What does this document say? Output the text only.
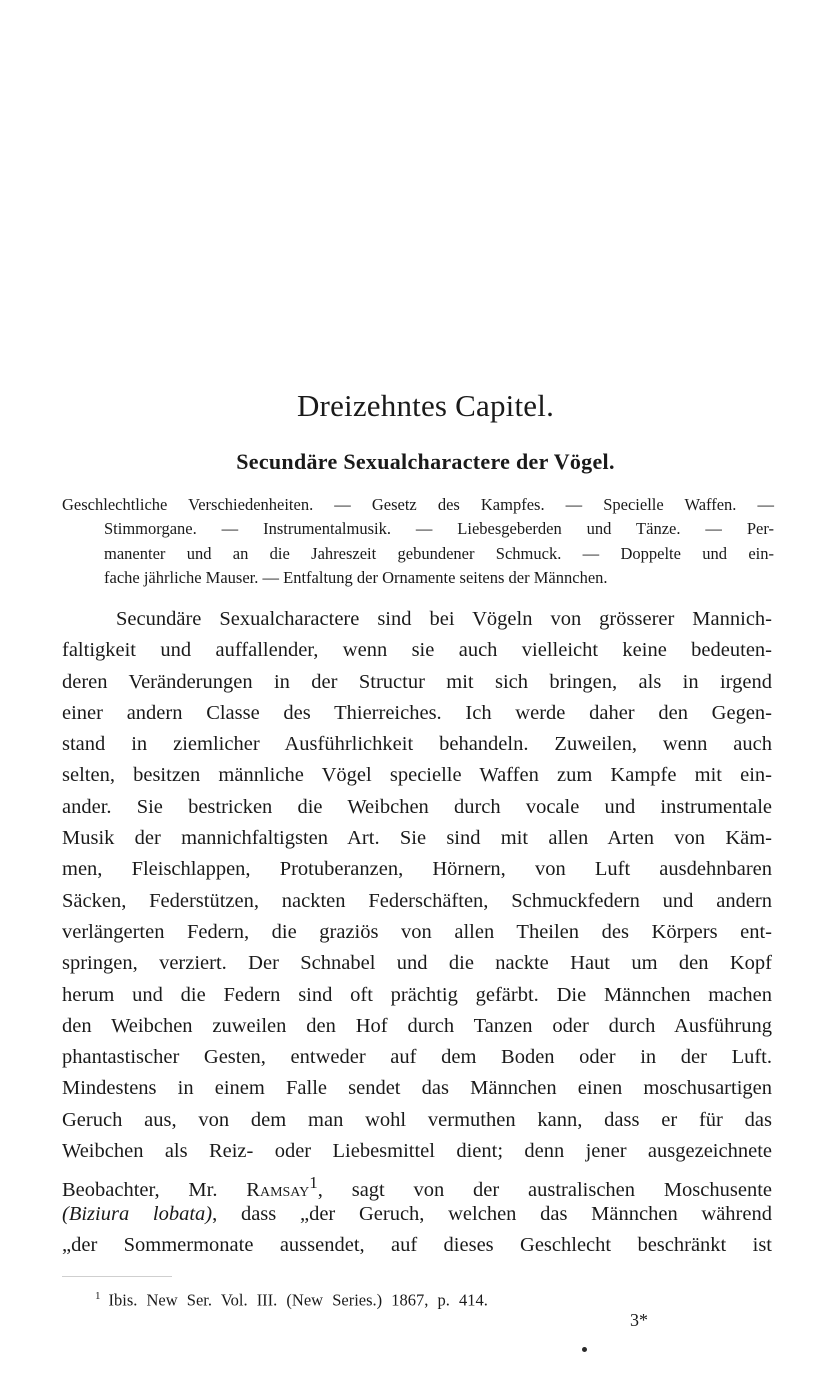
Dreizehntes Capitel.
Secundäre Sexualcharactere der Vögel.
Geschlechtliche Verschiedenheiten. — Gesetz des Kampfes. — Specielle Waffen. —
Stimmorgane. — Instrumentalmusik. — Liebesgeberden und Tänze. — Per-
manenter und an die Jahreszeit gebundener Schmuck. — Doppelte und ein-
fache jährliche Mauser. — Entfaltung der Ornamente seitens der Männchen.
Secundäre Sexualcharactere sind bei Vögeln von grösserer Mannich-
faltigkeit und auffallender, wenn sie auch vielleicht keine bedeuten-
deren Veränderungen in der Structur mit sich bringen, als in irgend
einer andern Classe des Thierreiches. Ich werde daher den Gegen-
stand in ziemlicher Ausführlichkeit behandeln. Zuweilen, wenn auch
selten, besitzen männliche Vögel specielle Waffen zum Kampfe mit ein-
ander. Sie bestricken die Weibchen durch vocale und instrumentale
Musik der mannichfaltigsten Art. Sie sind mit allen Arten von Käm-
men, Fleischlappen, Protuberanzen, Hörnern, von Luft ausdehnbaren
Säcken, Federstützen, nackten Federschäften, Schmuckfedern und andern
verlängerten Federn, die graziös von allen Theilen des Körpers ent-
springen, verziert. Der Schnabel und die nackte Haut um den Kopf
herum und die Federn sind oft prächtig gefärbt. Die Männchen machen
den Weibchen zuweilen den Hof durch Tanzen oder durch Ausführung
phantastischer Gesten, entweder auf dem Boden oder in der Luft.
Mindestens in einem Falle sendet das Männchen einen moschusartigen
Geruch aus, von dem man wohl vermuthen kann, dass er für das
Weibchen als Reiz- oder Liebesmittel dient; denn jener ausgezeichnete
Beobachter, Mr. Ramsay$^1$, sagt von der australischen Moschusente
(Biziura lobata), dass „der Geruch, welchen das Männchen während
„der Sommermonate aussendet, auf dieses Geschlecht beschränkt ist
$^1$ Ibis. New Ser. Vol. III. (New Series.) 1867, p. 414.
3*
